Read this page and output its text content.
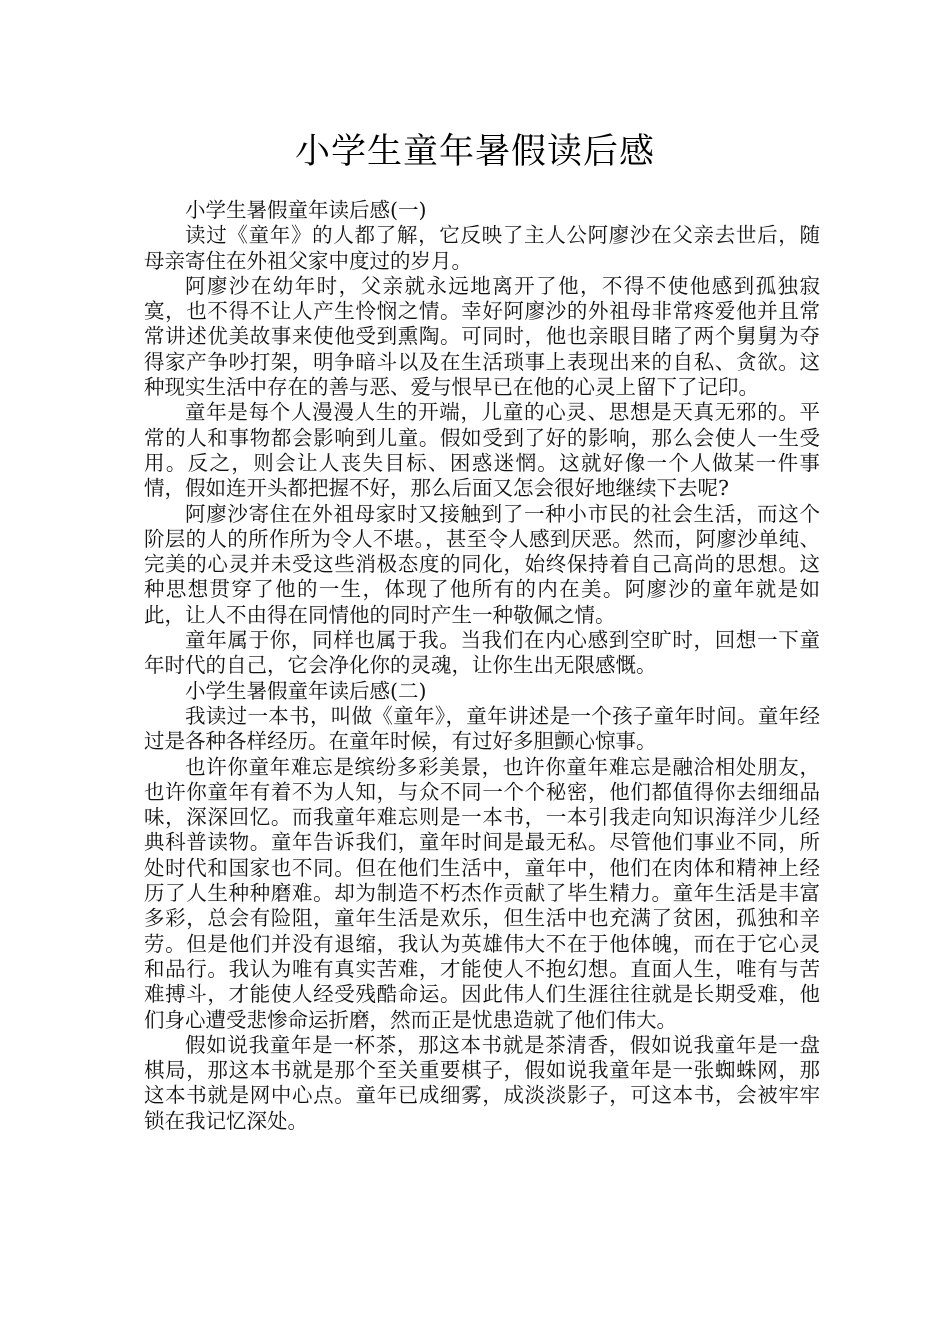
小学生童年暑假读后感

小学生暑假童年读后感(一)

读过《童年》的人都了解，它反映了主人公阿廖沙在父亲去世后，随母亲寄住在外祖父家中度过的岁月。

阿廖沙在幼年时，父亲就永远地离开了他，不得不使他感到孤独寂寞，也不得不让人产生怜悯之情。幸好阿廖沙的外祖母非常疼爱他并且常常讲述优美故事来使他受到熏陶。可同时，他也亲眼目睹了两个舅舅为夺得家产争吵打架，明争暗斗以及在生活琐事上表现出来的自私、贪欲。这种现实生活中存在的善与恶、爱与恨早已在他的心灵上留下了记印。

童年是每个人漫漫人生的开端，儿童的心灵、思想是天真无邪的。平常的人和事物都会影响到儿童。假如受到了好的影响，那么会使人一生受用。反之，则会让人丧失目标、困惑迷惘。这就好像一个人做某一件事情，假如连开头都把握不好，那么后面又怎会很好地继续下去呢?

阿廖沙寄住在外祖母家时又接触到了一种小市民的社会生活，而这个阶层的人的所作所为令人不堪。，甚至令人感到厌恶。然而，阿廖沙单纯、完美的心灵并未受这些消极态度的同化，始终保持着自己高尚的思想。这种思想贯穿了他的一生，体现了他所有的内在美。阿廖沙的童年就是如此，让人不由得在同情他的同时产生一种敬佩之情。

童年属于你，同样也属于我。当我们在内心感到空旷时，回想一下童年时代的自己，它会净化你的灵魂，让你生出无限感慨。

小学生暑假童年读后感(二)

我读过一本书，叫做《童年》，童年讲述是一个孩子童年时间。童年经过是各种各样经历。在童年时候，有过好多胆颤心惊事。

也许你童年难忘是缤纷多彩美景，也许你童年难忘是融洽相处朋友，也许你童年有着不为人知，与众不同一个个秘密，他们都值得你去细细品味，深深回忆。而我童年难忘则是一本书，一本引我走向知识海洋少儿经典科普读物。童年告诉我们，童年时间是最无私。尽管他们事业不同，所处时代和国家也不同。但在他们生活中，童年中，他们在肉体和精神上经历了人生种种磨难。却为制造不朽杰作贡献了毕生精力。童年生活是丰富多彩，总会有险阻，童年生活是欢乐，但生活中也充满了贫困，孤独和辛劳。但是他们并没有退缩，我认为英雄伟大不在于他体魄，而在于它心灵和品行。我认为唯有真实苦难，才能使人不抱幻想。直面人生，唯有与苦难搏斗，才能使人经受残酷命运。因此伟人们生涯往往就是长期受难，他们身心遭受悲惨命运折磨，然而正是忧患造就了他们伟大。

假如说我童年是一杯茶，那这本书就是茶清香，假如说我童年是一盘棋局，那这本书就是那个至关重要棋子，假如说我童年是一张蜘蛛网，那这本书就是网中心点。童年已成细雾，成淡淡影子，可这本书，会被牢牢锁在我记忆深处。
